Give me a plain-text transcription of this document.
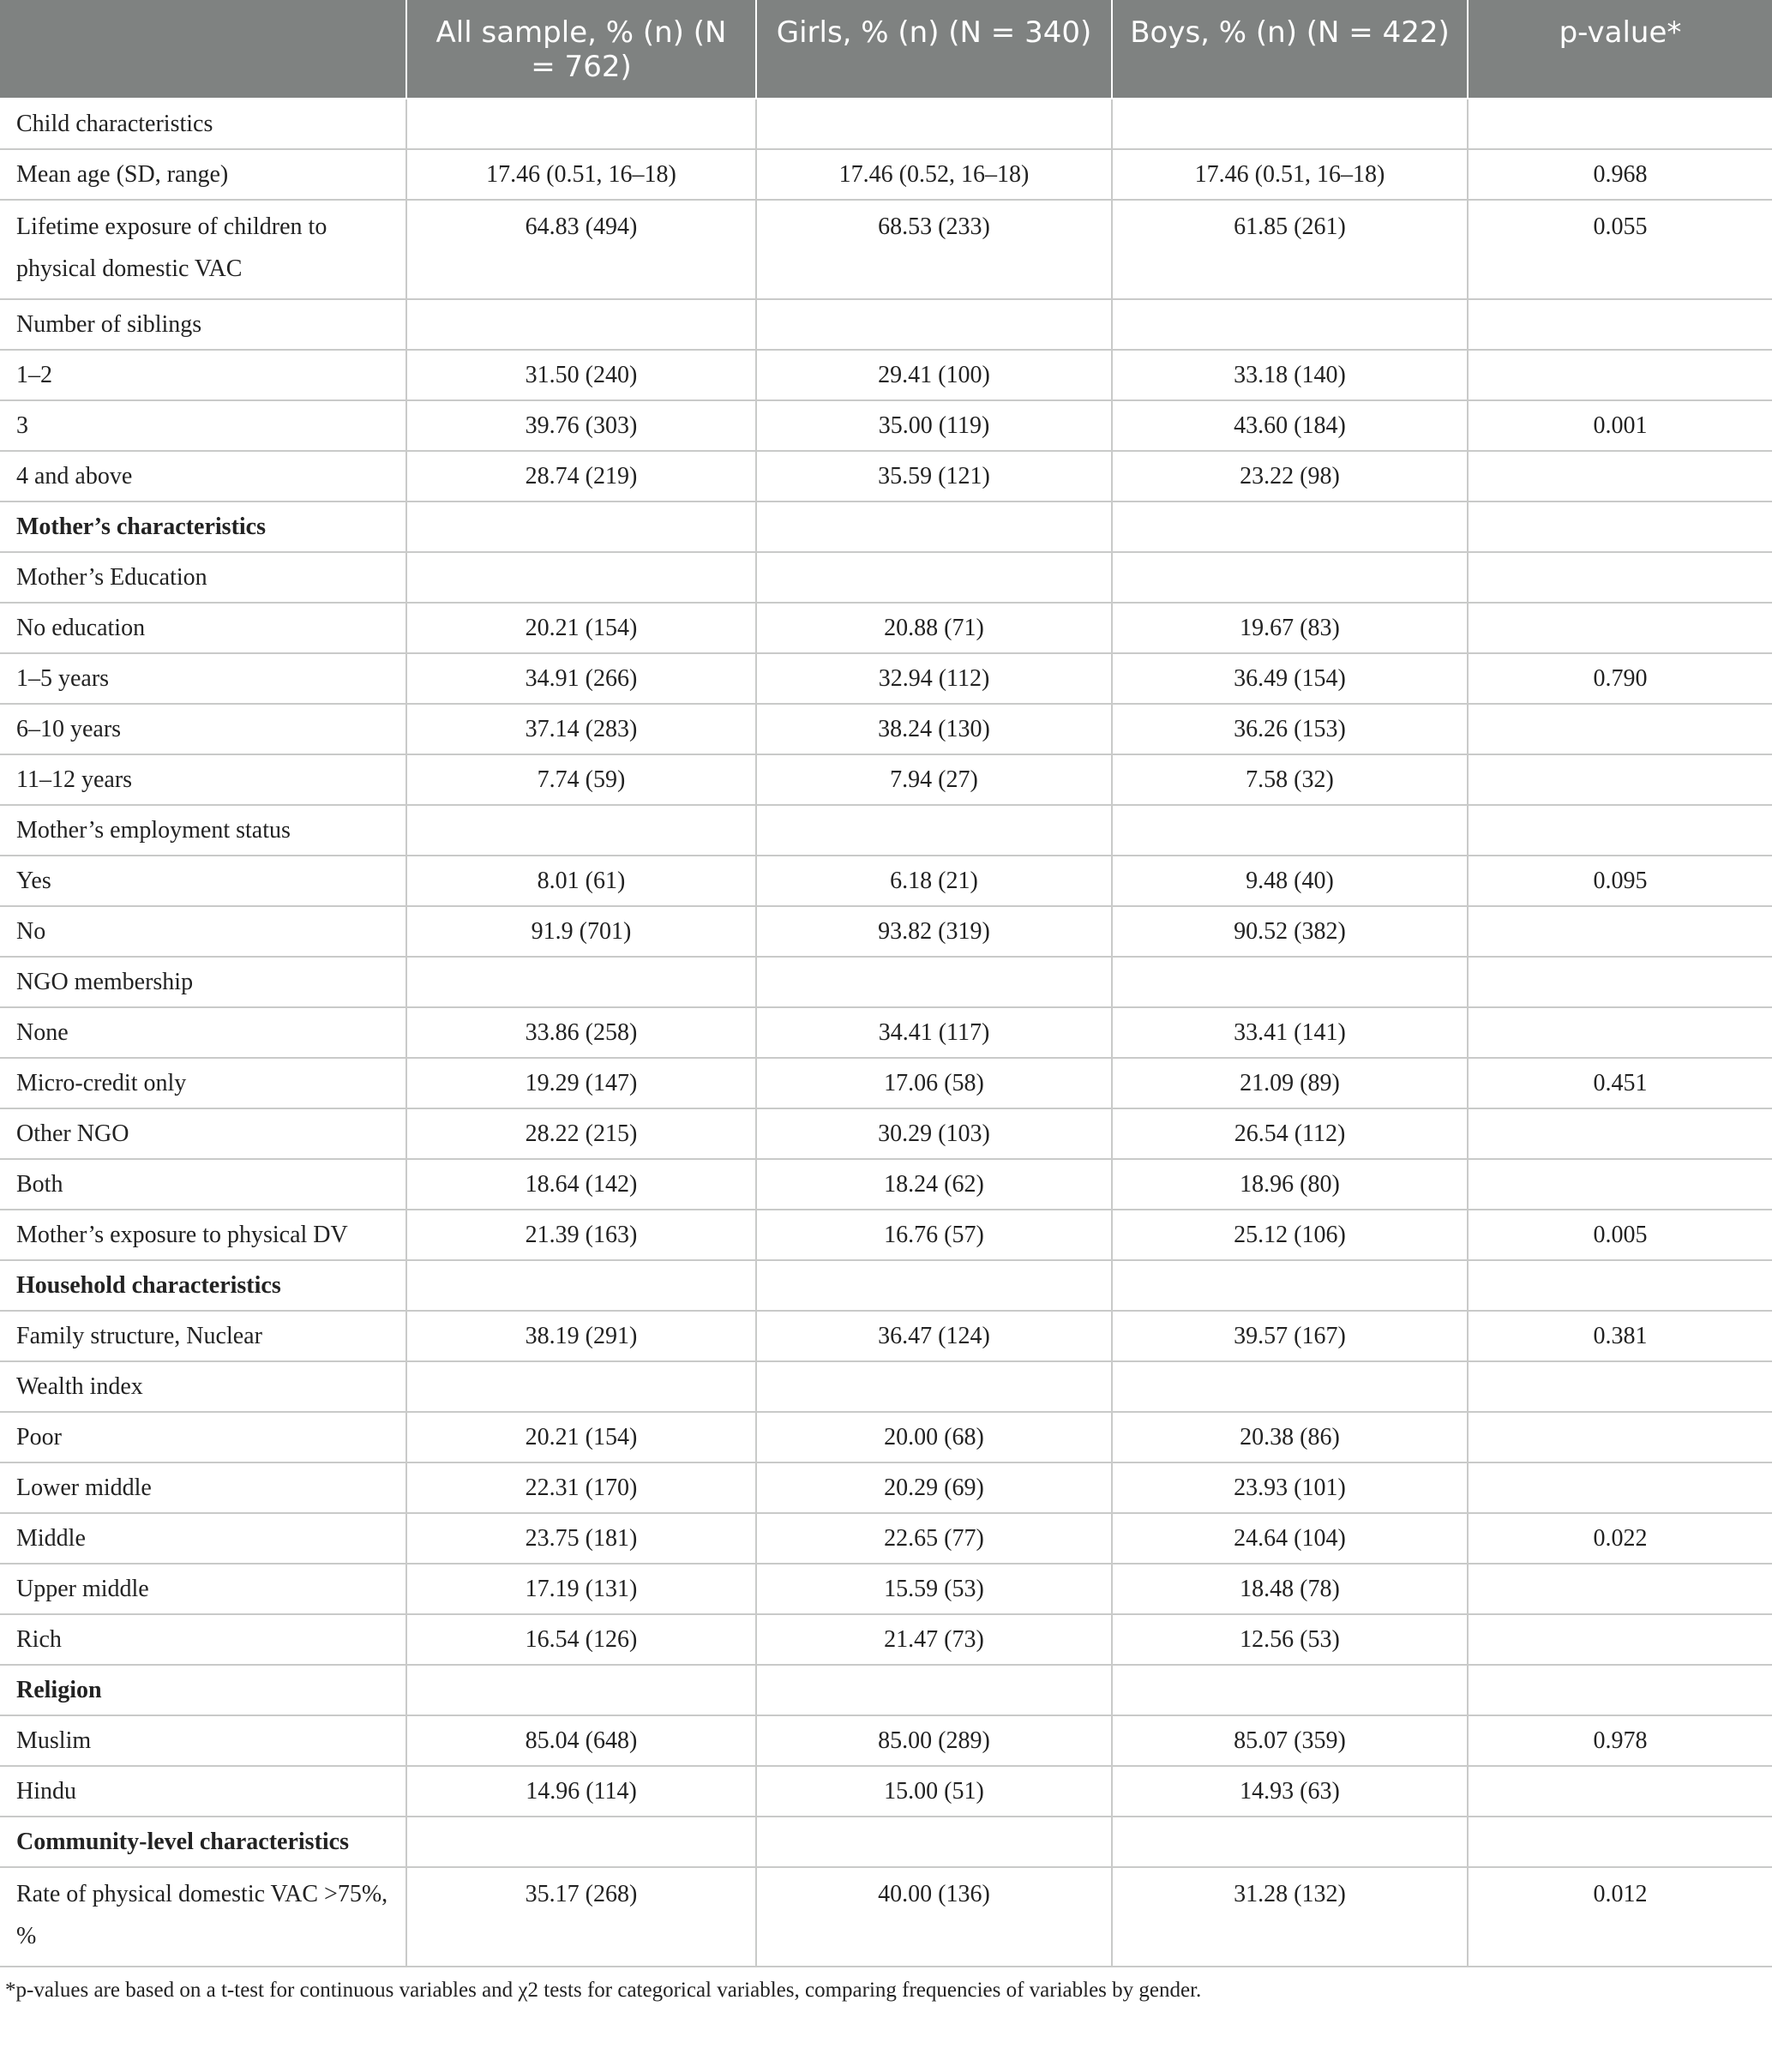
	All sample, % (n) (N = 762)	Girls, % (n) (N = 340)	Boys, % (n) (N = 422)	p-value*
Child characteristics				
Mean age (SD, range)	17.46 (0.51, 16–18)	17.46 (0.52, 16–18)	17.46 (0.51, 16–18)	0.968
Lifetime exposure of children to physical domestic VAC	64.83 (494)	68.53 (233)	61.85 (261)	0.055
Number of siblings				
1–2	31.50 (240)	29.41 (100)	33.18 (140)	
3	39.76 (303)	35.00 (119)	43.60 (184)	0.001
4 and above	28.74 (219)	35.59 (121)	23.22 (98)	
Mother’s characteristics				
Mother’s Education				
No education	20.21 (154)	20.88 (71)	19.67 (83)	
1–5 years	34.91 (266)	32.94 (112)	36.49 (154)	0.790
6–10 years	37.14 (283)	38.24 (130)	36.26 (153)	
11–12 years	7.74 (59)	7.94 (27)	7.58 (32)	
Mother’s employment status				
Yes	8.01 (61)	6.18 (21)	9.48 (40)	0.095
No	91.9 (701)	93.82 (319)	90.52 (382)	
NGO membership				
None	33.86 (258)	34.41 (117)	33.41 (141)	
Micro-credit only	19.29 (147)	17.06 (58)	21.09 (89)	0.451
Other NGO	28.22 (215)	30.29 (103)	26.54 (112)	
Both	18.64 (142)	18.24 (62)	18.96 (80)	
Mother’s exposure to physical DV	21.39 (163)	16.76 (57)	25.12 (106)	0.005
Household characteristics				
Family structure, Nuclear	38.19 (291)	36.47 (124)	39.57 (167)	0.381
Wealth index				
Poor	20.21 (154)	20.00 (68)	20.38 (86)	
Lower middle	22.31 (170)	20.29 (69)	23.93 (101)	
Middle	23.75 (181)	22.65 (77)	24.64 (104)	0.022
Upper middle	17.19 (131)	15.59 (53)	18.48 (78)	
Rich	16.54 (126)	21.47 (73)	12.56 (53)	
Religion				
Muslim	85.04 (648)	85.00 (289)	85.07 (359)	0.978
Hindu	14.96 (114)	15.00 (51)	14.93 (63)	
Community-level characteristics				
Rate of physical domestic VAC >75%, %	35.17 (268)	40.00 (136)	31.28 (132)	0.012
*p-values are based on a t-test for continuous variables and χ2 tests for categorical variables, comparing frequencies of variables by gender.
